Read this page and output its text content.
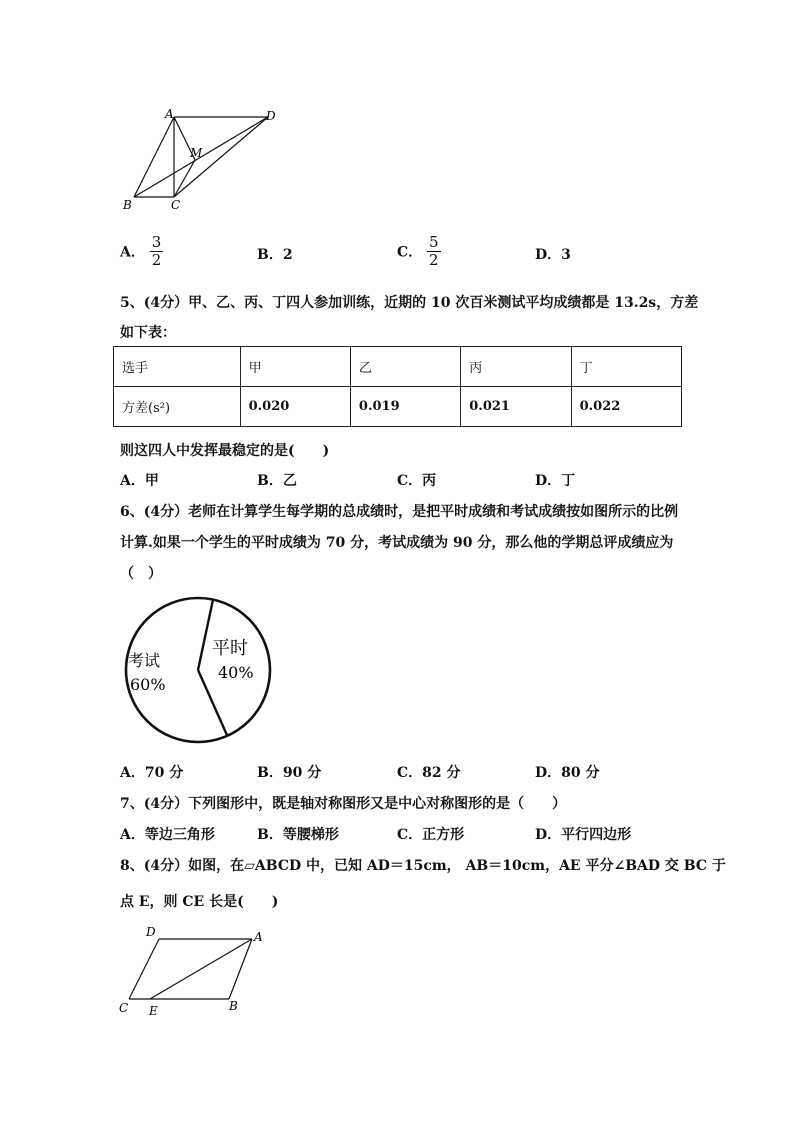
A	D
M
B	C
A． $\frac{3}{2}$	B．2	C． $\frac{5}{2}$	D．3
5、(4分）甲、乙、丙、丁四人参加训练，近期的 10 次百米测试平均成绩都是 13.2s，方差
如下表：
选手	甲	乙	丙	丁
方差(s²)	0.020	0.019	0.021	0.022
则这四人中发挥最稳定的是(　　)
A．甲	B．乙	C．丙	D．丁
6、(4分）老师在计算学生每学期的总成绩时，是把平时成绩和考试成绩按如图所示的比例
计算.如果一个学生的平时成绩为 70 分，考试成绩为 90 分，那么他的学期总评成绩应为
（　）
考试
60%
平时
40%
A．70 分	B．90 分	C．82 分	D．80 分
7、(4分）下列图形中，既是轴对称图形又是中心对称图形的是（　　）
A．等边三角形	B．等腰梯形	C．正方形	D．平行四边形
8、(4分）如图，在▱ABCD 中，已知 AD＝15cm， AB＝10cm，AE 平分∠BAD 交 BC 于
点 E，则 CE 长是(　　)
D	A
C E	B
